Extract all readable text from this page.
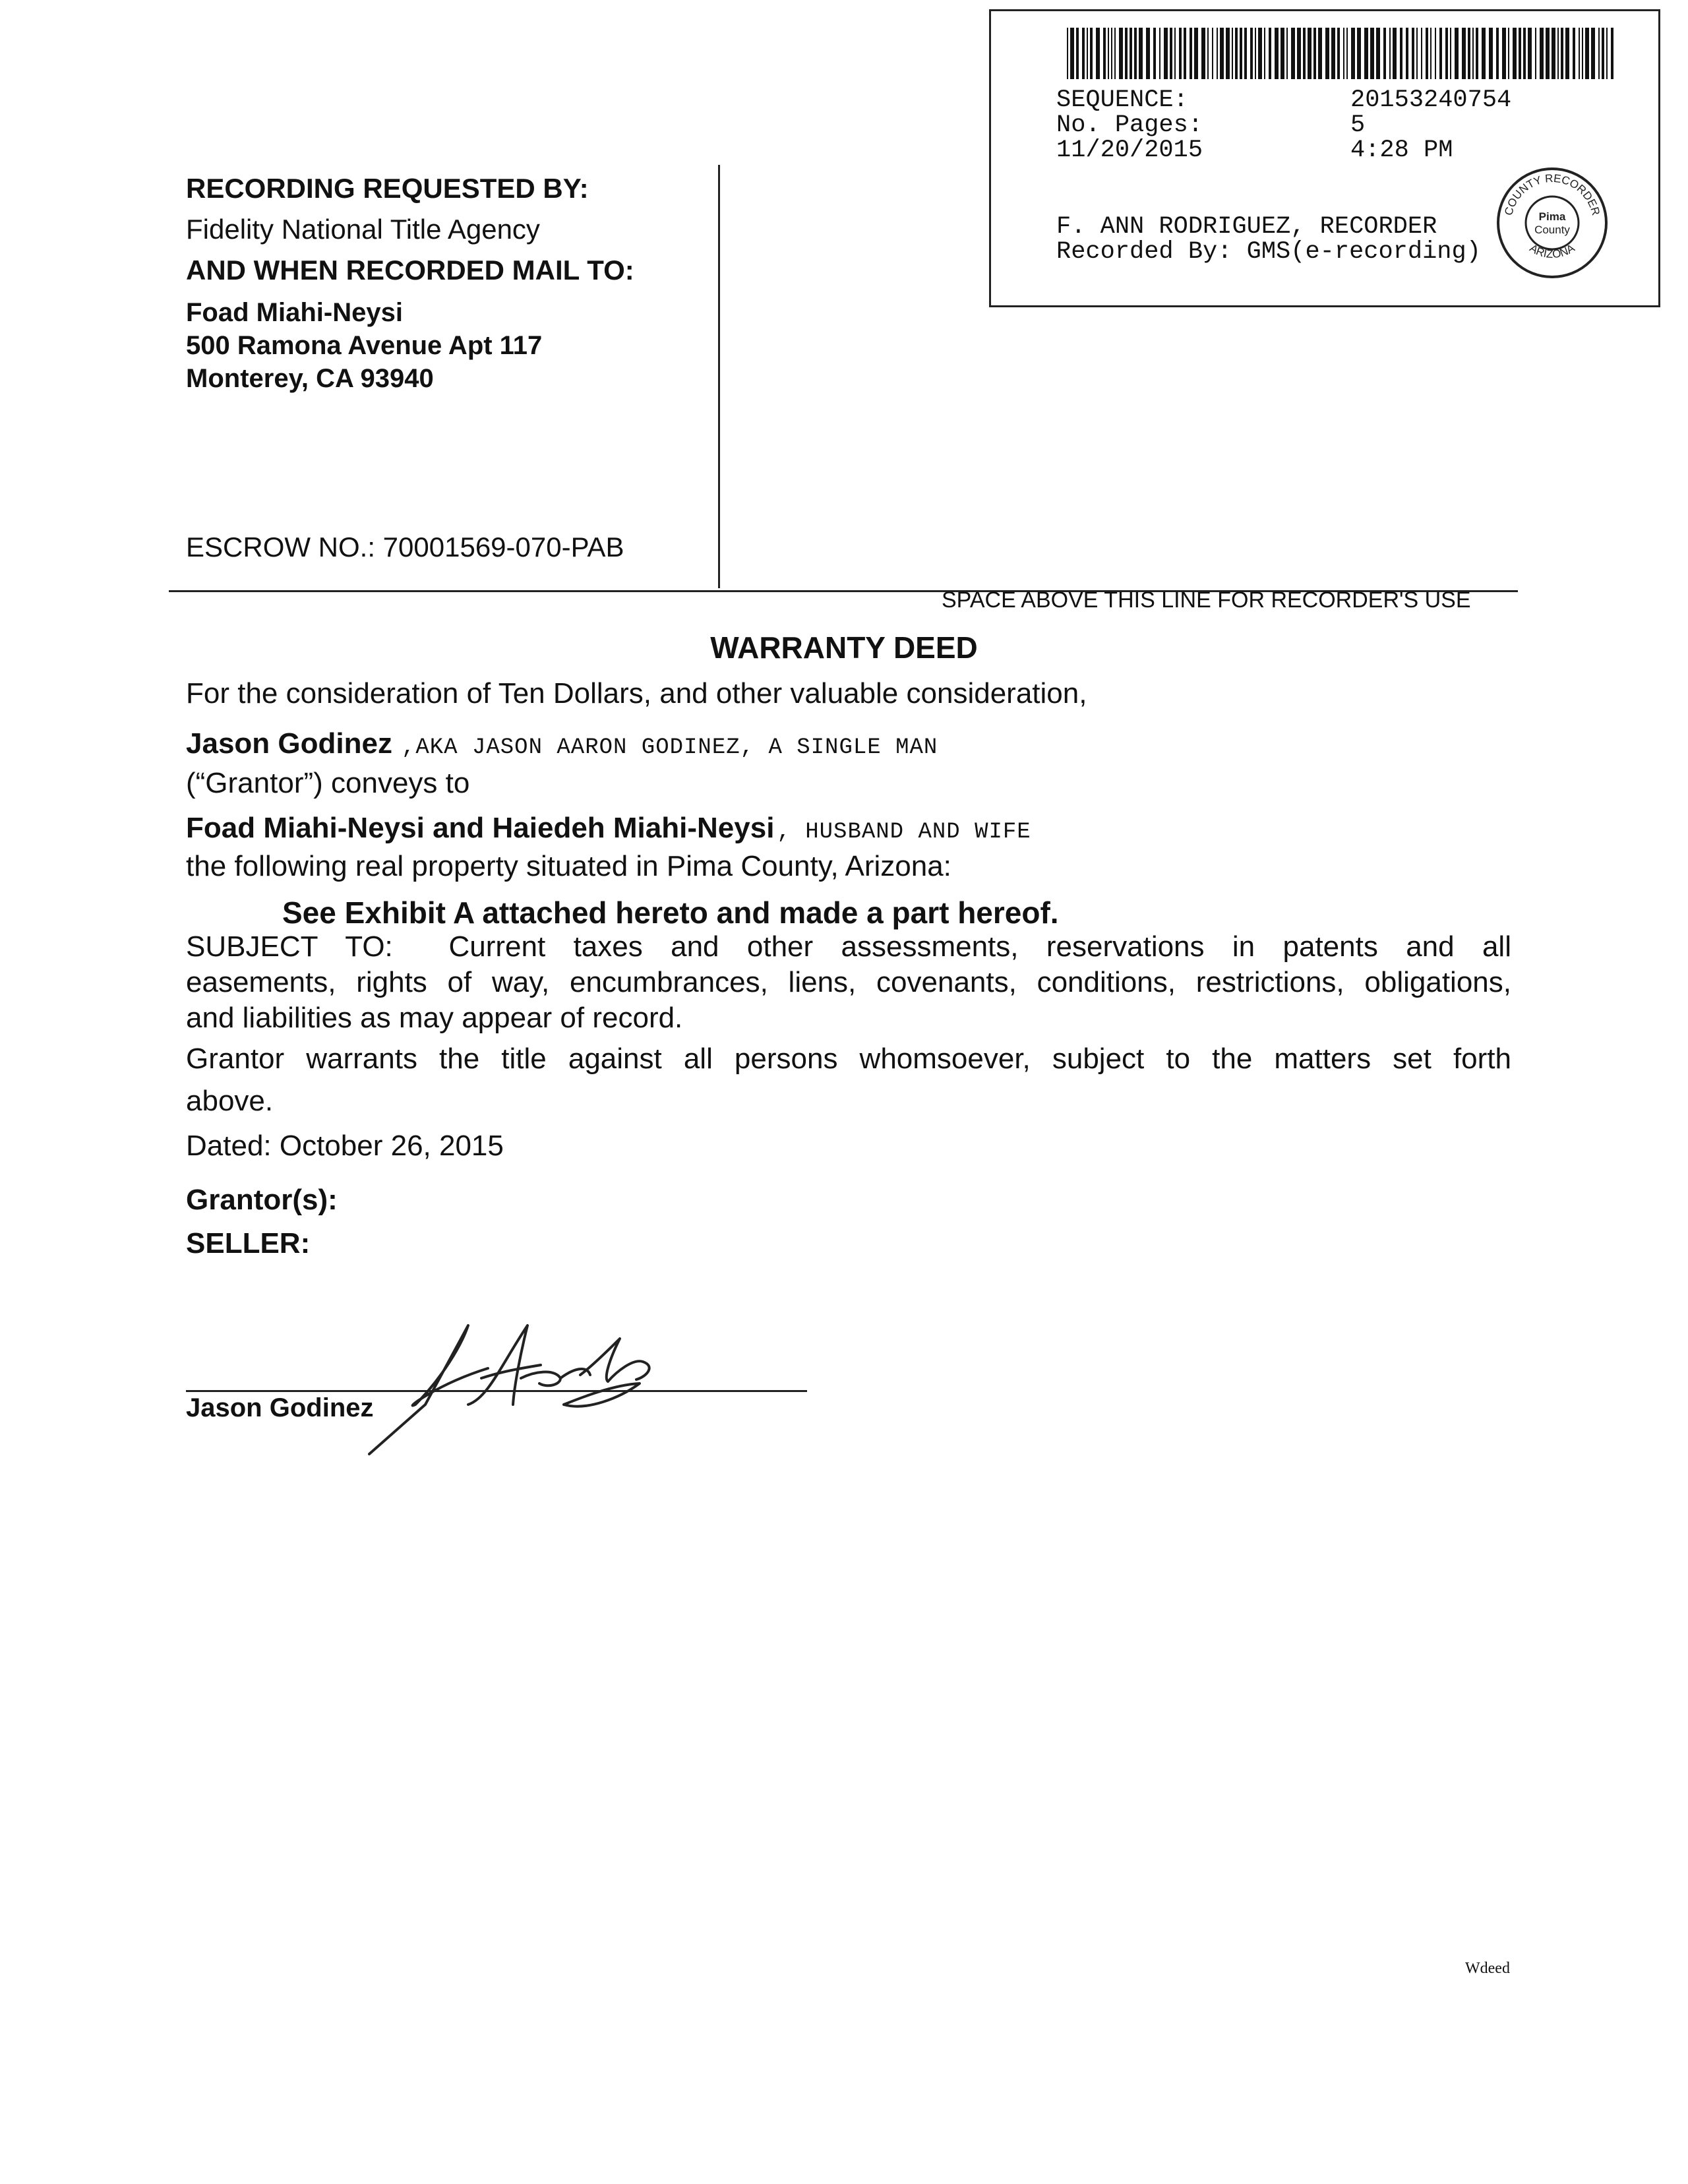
SEQUENCE:	20153240754
No. Pages:	5
11/20/2015	4:28 PM
F. ANN RODRIGUEZ, RECORDER
Recorded By: GMS(e-recording)
COUNTY RECORDER
ARIZONA
Pima
County
RECORDING REQUESTED BY:
Fidelity National Title Agency
AND WHEN RECORDED MAIL TO:
Foad Miahi-Neysi
500 Ramona Avenue Apt 117
Monterey, CA 93940
ESCROW NO.: 70001569-070-PAB
SPACE ABOVE THIS LINE FOR RECORDER'S USE
WARRANTY DEED
For the consideration of Ten Dollars, and other valuable consideration,
Jason Godinez ,AKA JASON AARON GODINEZ, A SINGLE MAN
(“Grantor”) conveys to
Foad Miahi-Neysi and Haiedeh Miahi-Neysi , HUSBAND AND WIFE
the following real property situated in Pima County, Arizona:
See Exhibit A attached hereto and made a part hereof.
SUBJECT TO:  Current taxes and other assessments, reservations in patents and all
easements, rights of way, encumbrances, liens, covenants, conditions, restrictions, obligations,
and liabilities as may appear of record.
Grantor warrants the title against all persons whomsoever, subject to the matters set forth
above.
Dated: October 26, 2015
Grantor(s):
SELLER:
Jason Godinez
Wdeed
